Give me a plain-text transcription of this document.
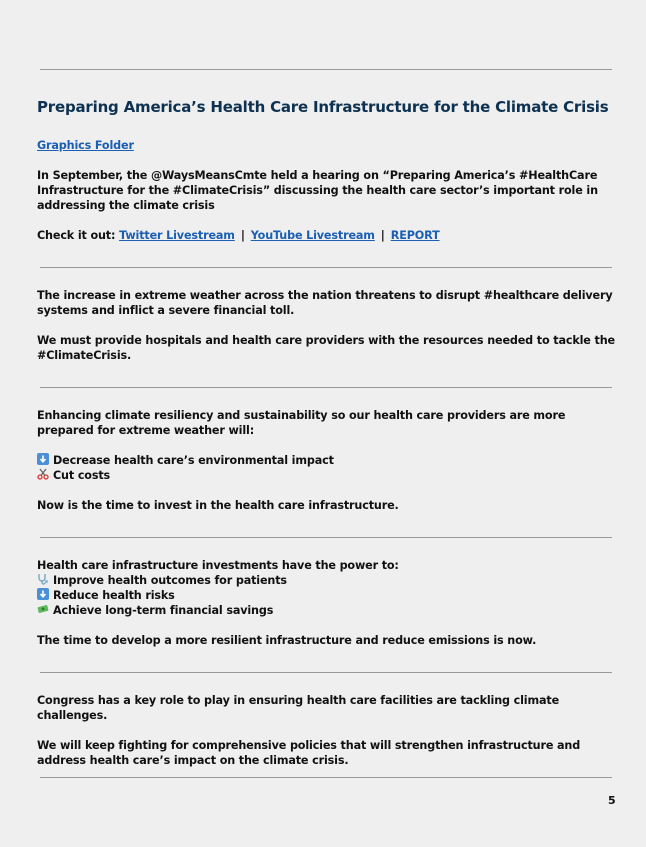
Preparing America’s Health Care Infrastructure for the Climate Crisis

Graphics Folder

In September, the @WaysMeansCmte held a hearing on “Preparing America’s #HealthCare Infrastructure for the #ClimateCrisis” discussing the health care sector’s important role in addressing the climate crisis

Check it out: Twitter Livestream | YouTube Livestream | REPORT

The increase in extreme weather across the nation threatens to disrupt #healthcare delivery systems and inflict a severe financial toll.

We must provide hospitals and health care providers with the resources needed to tackle the #ClimateCrisis.

Enhancing climate resiliency and sustainability so our health care providers are more prepared for extreme weather will:

Decrease health care’s environmental impact

Cut costs

Now is the time to invest in the health care infrastructure.

Health care infrastructure investments have the power to:

Improve health outcomes for patients

Reduce health risks

Achieve long-term financial savings

The time to develop a more resilient infrastructure and reduce emissions is now.

Congress has a key role to play in ensuring health care facilities are tackling climate challenges.

We will keep fighting for comprehensive policies that will strengthen infrastructure and address health care’s impact on the climate crisis.

5
